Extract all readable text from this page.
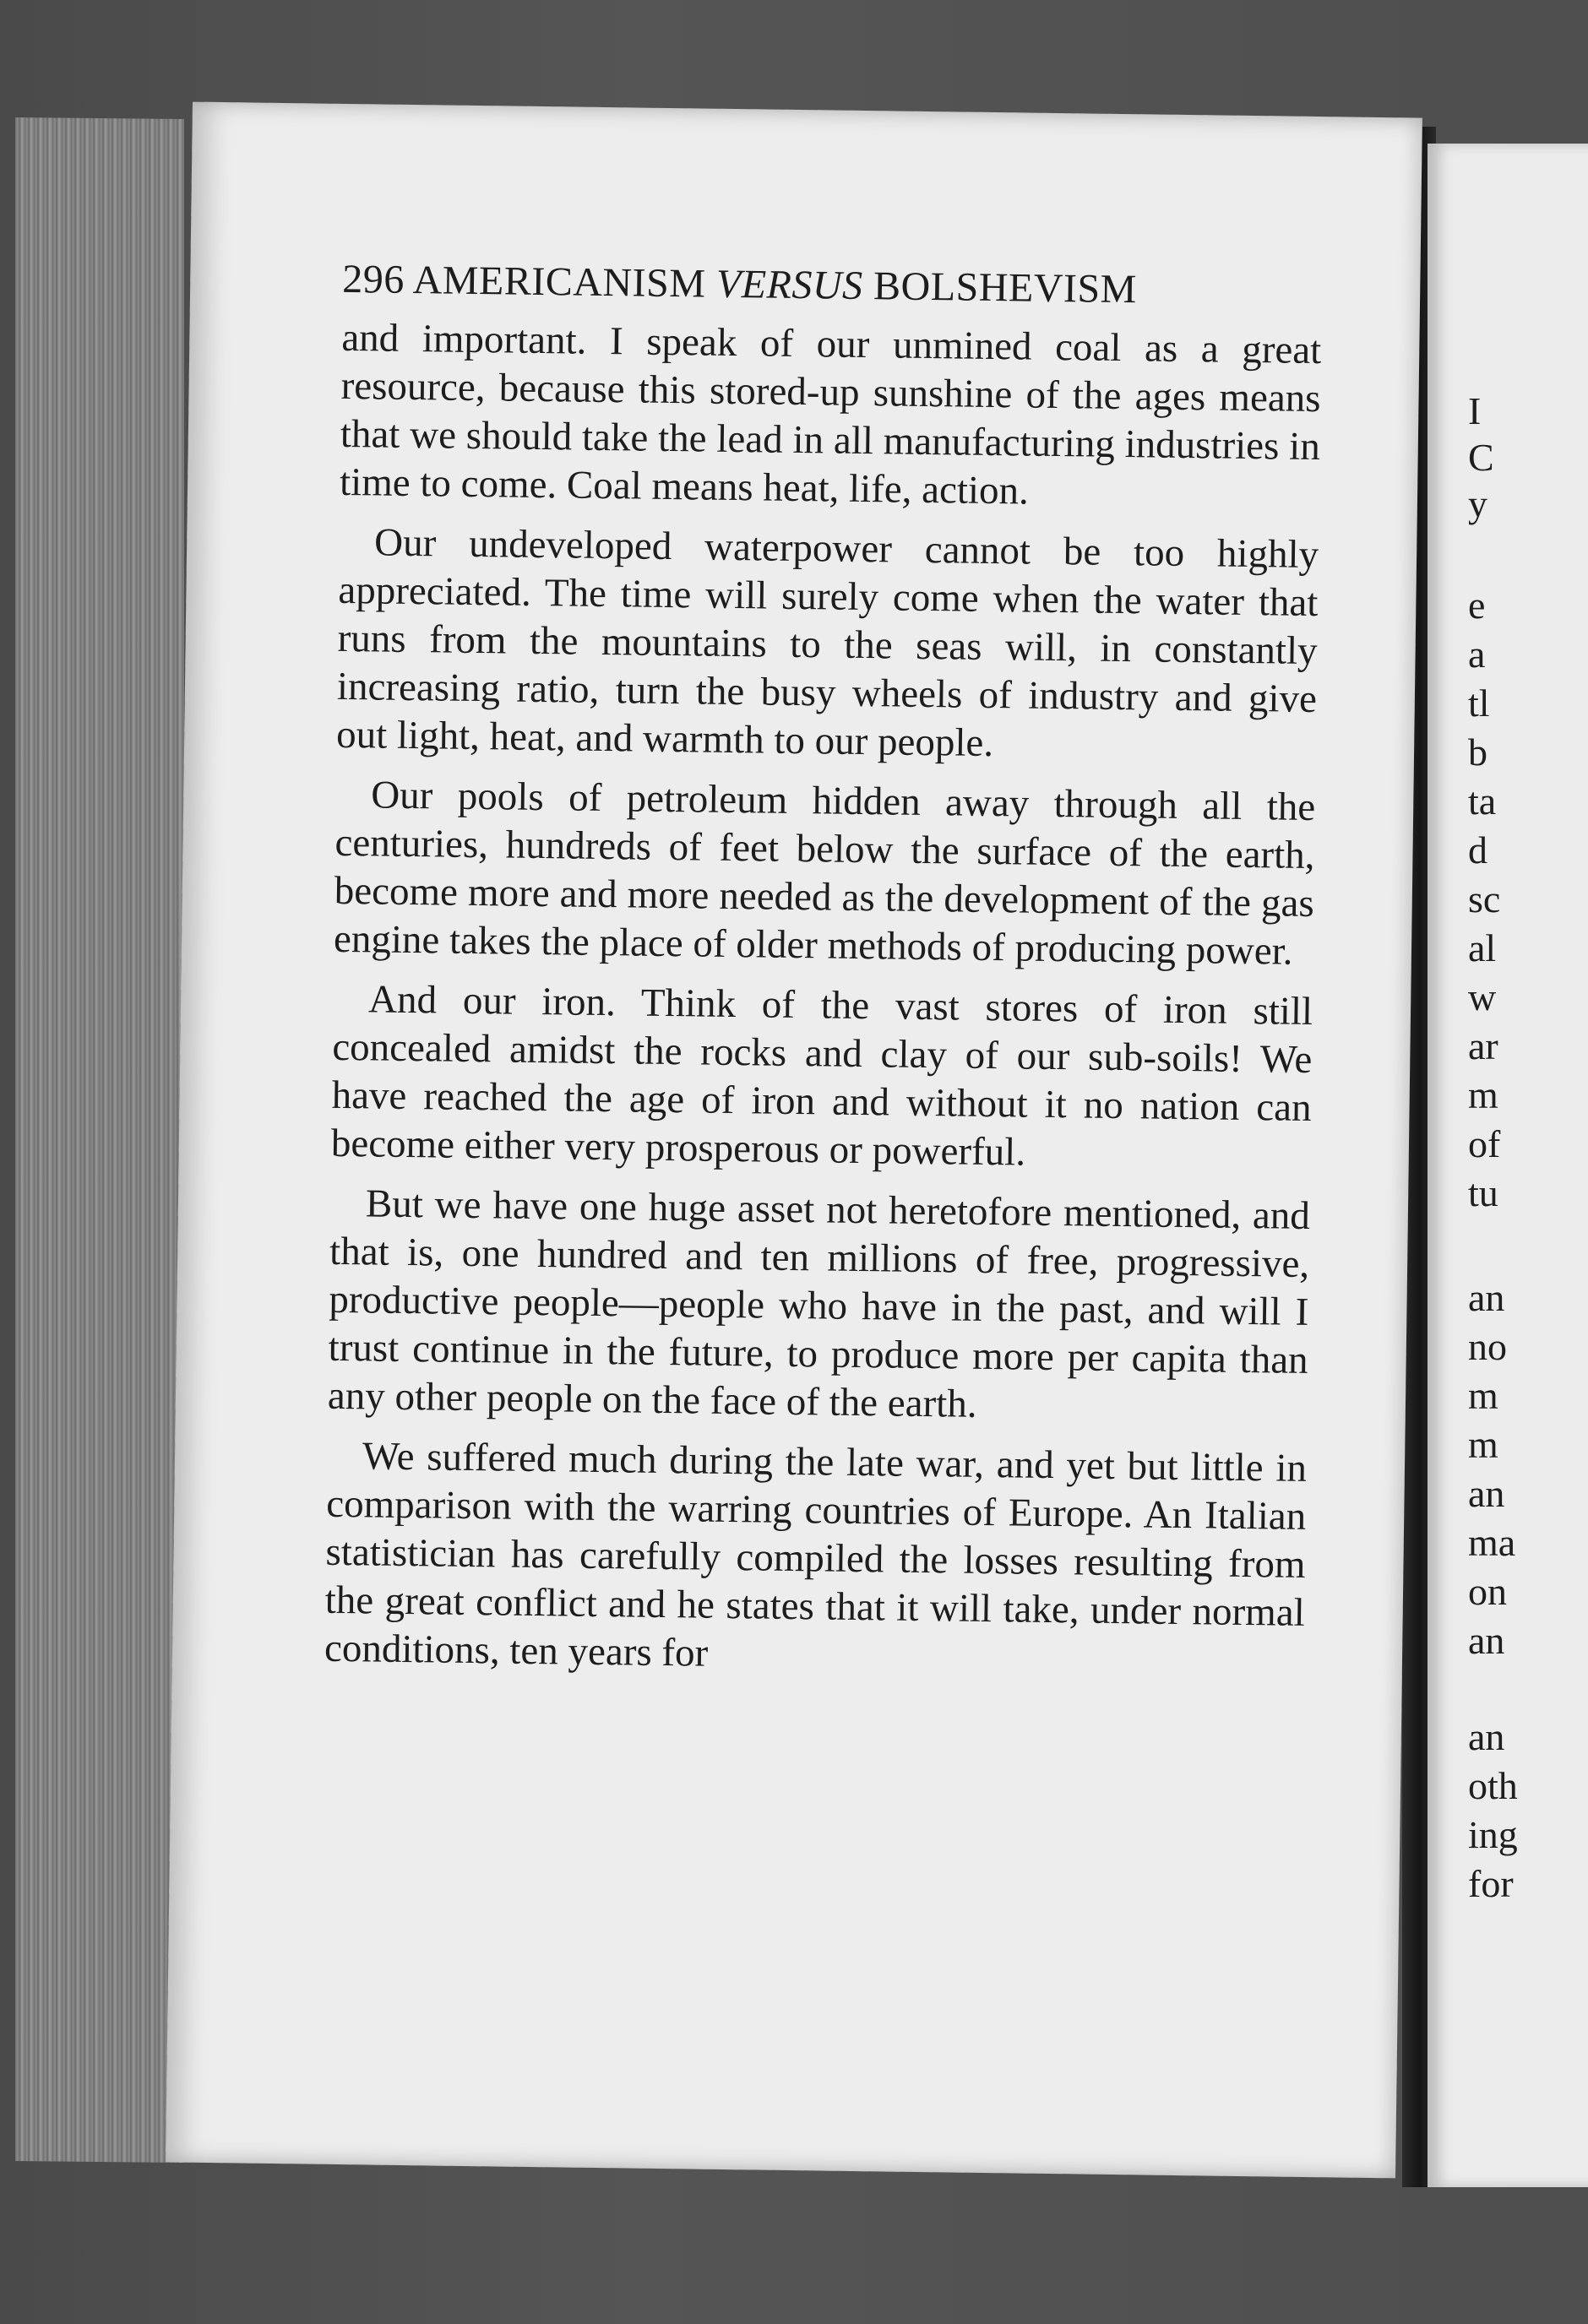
296 AMERICANISM VERSUS BOLSHEVISM

and important. I speak of our unmined coal as a great resource, because this stored-up sunshine of the ages means that we should take the lead in all manufacturing industries in time to come. Coal means heat, life, action.

Our undeveloped waterpower cannot be too highly appreciated. The time will surely come when the water that runs from the mountains to the seas will, in constantly increasing ratio, turn the busy wheels of industry and give out light, heat, and warmth to our people.

Our pools of petroleum hidden away through all the centuries, hundreds of feet below the surface of the earth, become more and more needed as the development of the gas engine takes the place of older methods of producing power.

And our iron. Think of the vast stores of iron still concealed amidst the rocks and clay of our sub-soils! We have reached the age of iron and without it no nation can become either very prosperous or powerful.

But we have one huge asset not heretofore mentioned, and that is, one hundred and ten millions of free, progressive, productive people—people who have in the past, and will I trust continue in the future, to produce more per capita than any other people on the face of the earth.

We suffered much during the late war, and yet but little in comparison with the warring countries of Europe. An Italian statistician has carefully compiled the losses resulting from the great conflict and he states that it will take, under normal conditions, ten years for

I
C
y
e
a
tl
b
ta
d
sc
al
w
ar
m
of
tu
an
no
m
m
an
ma
on
an
an
oth
ing
for
